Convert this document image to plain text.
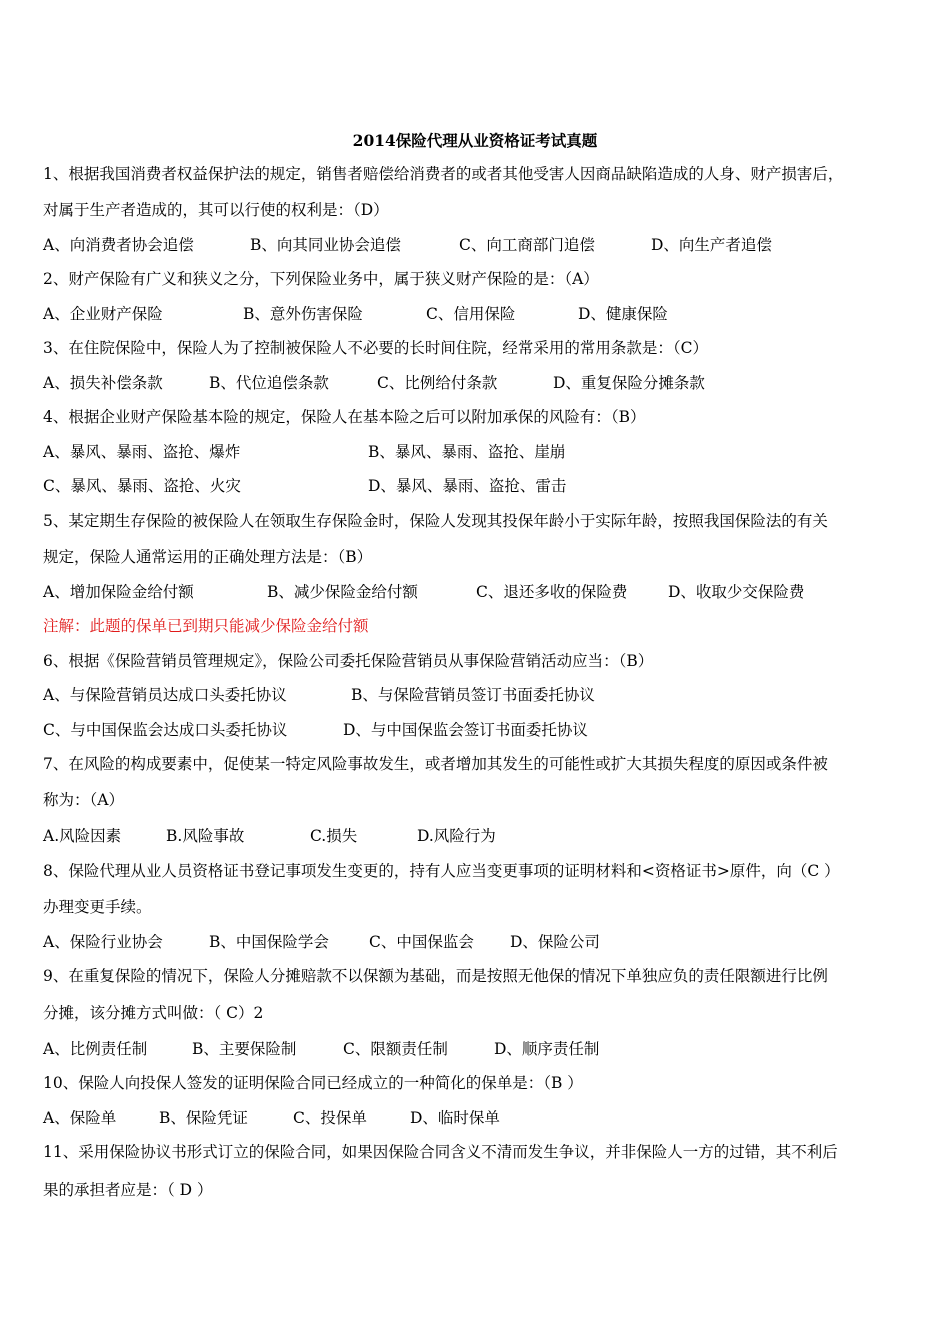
2014保险代理从业资格证考试真题
1、根据我国消费者权益保护法的规定，销售者赔偿给消费者的或者其他受害人因商品缺陷造成的人身、财产损害后，
对属于生产者造成的，其可以行使的权利是：（D）
A、向消费者协会追偿	B、向其同业协会追偿	C、向工商部门追偿	D、向生产者追偿
2、财产保险有广义和狭义之分，下列保险业务中，属于狭义财产保险的是：（A）
A、企业财产保险	B、意外伤害保险	C、信用保险	D、健康保险
3、在住院保险中，保险人为了控制被保险人不必要的长时间住院，经常采用的常用条款是：（C）
A、损失补偿条款	B、代位追偿条款	C、比例给付条款	D、重复保险分摊条款
4、根据企业财产保险基本险的规定，保险人在基本险之后可以附加承保的风险有：（B）
A、暴风、暴雨、盗抢、爆炸	B、暴风、暴雨、盗抢、崖崩
C、暴风、暴雨、盗抢、火灾	D、暴风、暴雨、盗抢、雷击
5、某定期生存保险的被保险人在领取生存保险金时，保险人发现其投保年龄小于实际年龄，按照我国保险法的有关
规定，保险人通常运用的正确处理方法是：（B）
A、增加保险金给付额	B、减少保险金给付额	C、退还多收的保险费	D、收取少交保险费
注解：此题的保单已到期只能减少保险金给付额
6、根据《保险营销员管理规定》，保险公司委托保险营销员从事保险营销活动应当：（B）
A、与保险营销员达成口头委托协议	B、与保险营销员签订书面委托协议
C、与中国保监会达成口头委托协议	D、与中国保监会签订书面委托协议
7、在风险的构成要素中，促使某一特定风险事故发生，或者增加其发生的可能性或扩大其损失程度的原因或条件被
称为：（A）
A.风险因素	B.风险事故	C.损失	D.风险行为
8、保险代理从业人员资格证书登记事项发生变更的，持有人应当变更事项的证明材料和<资格证书>原件，向（C ）
办理变更手续。
A、保险行业协会	B、中国保险学会	C、中国保监会 D、保险公司
9、在重复保险的情况下，保险人分摊赔款不以保额为基础，而是按照无他保的情况下单独应负的责任限额进行比例
分摊，该分摊方式叫做：（ C）2
A、比例责任制	B、主要保险制	C、限额责任制	D、顺序责任制
10、保险人向投保人签发的证明保险合同已经成立的一种简化的保单是：（B ）
A、保险单	B、保险凭证	C、投保单	D、临时保单
11、采用保险协议书形式订立的保险合同，如果因保险合同含义不清而发生争议，并非保险人一方的过错，其不利后
果的承担者应是：（ D ）
